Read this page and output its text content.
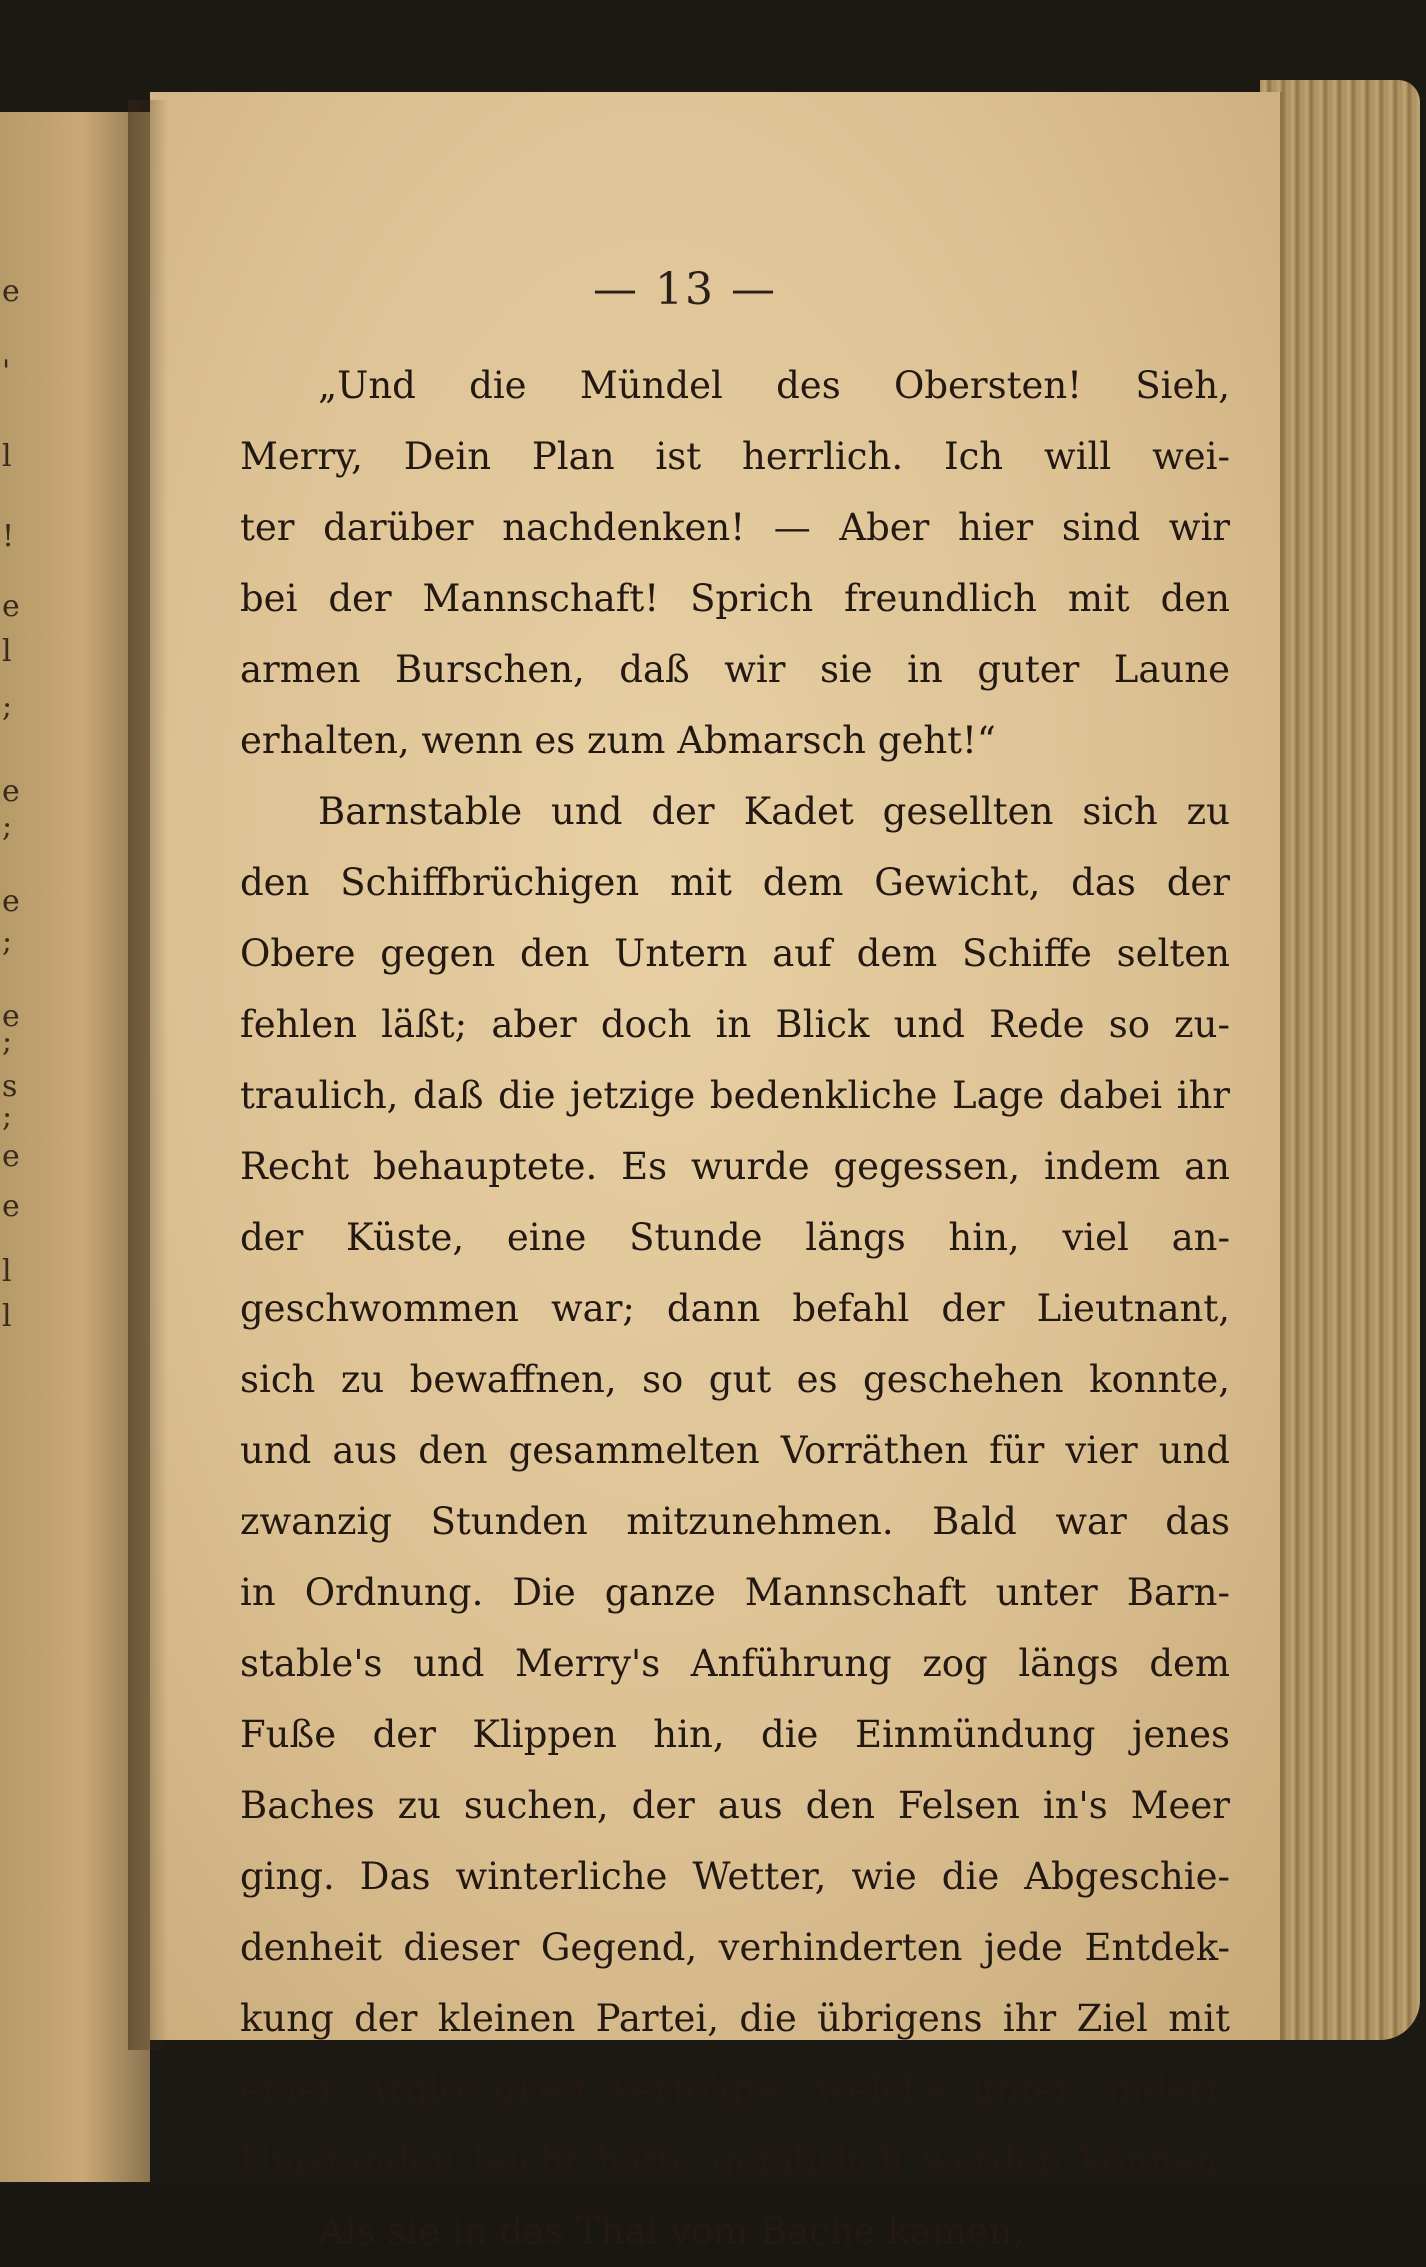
e
'
l
!
e
l
;
e
;
e
;
e
;
s
;
e
e
l
l
— 13 —
„Und die Mündel des Obersten! Sieh,
Merry, Dein Plan ist herrlich. Ich will wei-
ter darüber nachdenken! — Aber hier sind wir
bei der Mannschaft! Sprich freundlich mit den
armen Burschen, daß wir sie in guter Laune
erhalten, wenn es zum Abmarsch geht!“
Barnstable und der Kadet gesellten sich zu
den Schiffbrüchigen mit dem Gewicht, das der
Obere gegen den Untern auf dem Schiffe selten
fehlen läßt; aber doch in Blick und Rede so zu-
traulich, daß die jetzige bedenkliche Lage dabei ihr
Recht behauptete. Es wurde gegessen, indem an
der Küste, eine Stunde längs hin, viel an-
geschwommen war; dann befahl der Lieutnant,
sich zu bewaffnen, so gut es geschehen konnte,
und aus den gesammelten Vorräthen für vier und
zwanzig Stunden mitzunehmen. Bald war das
in Ordnung. Die ganze Mannschaft unter Barn-
stable's und Merry's Anführung zog längs dem
Fuße der Klippen hin, die Einmündung jenes
Baches zu suchen, der aus den Felsen in's Meer
ging. Das winterliche Wetter, wie die Abgeschie-
denheit dieser Gegend, verhinderten jede Entdek-
kung der kleinen Partei, die übrigens ihr Ziel mit
einer Arglosigkeit verfolgte, welche unter andern
Umständen leicht hätte gefährlich werden können.
Als sie in das Thal vom Bache kamen,
